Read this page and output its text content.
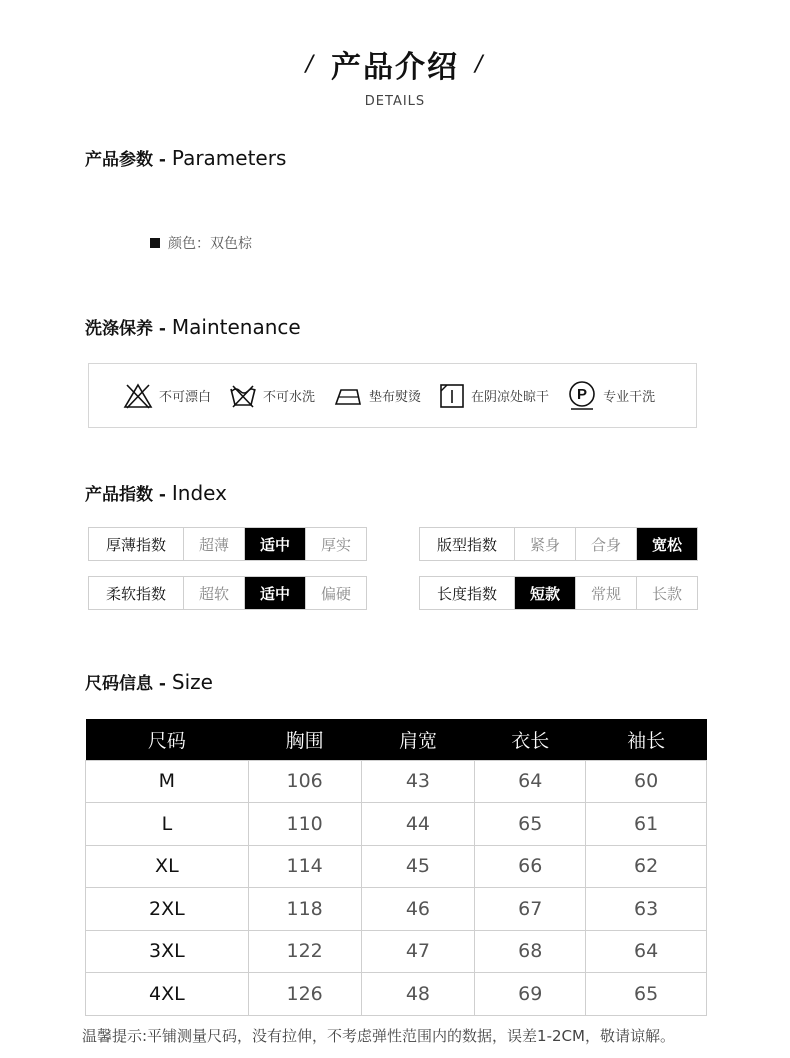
/ 产品介绍 /
DETAILS
产品参数 - Parameters
颜色：双色棕
洗涤保养 - Maintenance
不可漂白	不可水洗	垫布熨烫	在阴凉处晾干 P 专业干洗
产品指数 - Index
厚薄指数	超薄	适中	厚实	版型指数	紧身	合身	宽松
柔软指数	超软	适中	偏硬	长度指数	短款	常规	长款
尺码信息 - Size
尺码	胸围	肩宽	衣长	袖长
M	106	43	64	60
L	110	44	65	61
XL	114	45	66	62
2XL	118	46	67	63
3XL	122	47	68	64
4XL	126	48	69	65
温馨提示:平铺测量尺码，没有拉伸，不考虑弹性范围内的数据，误差1-2CM，敬请谅解。
